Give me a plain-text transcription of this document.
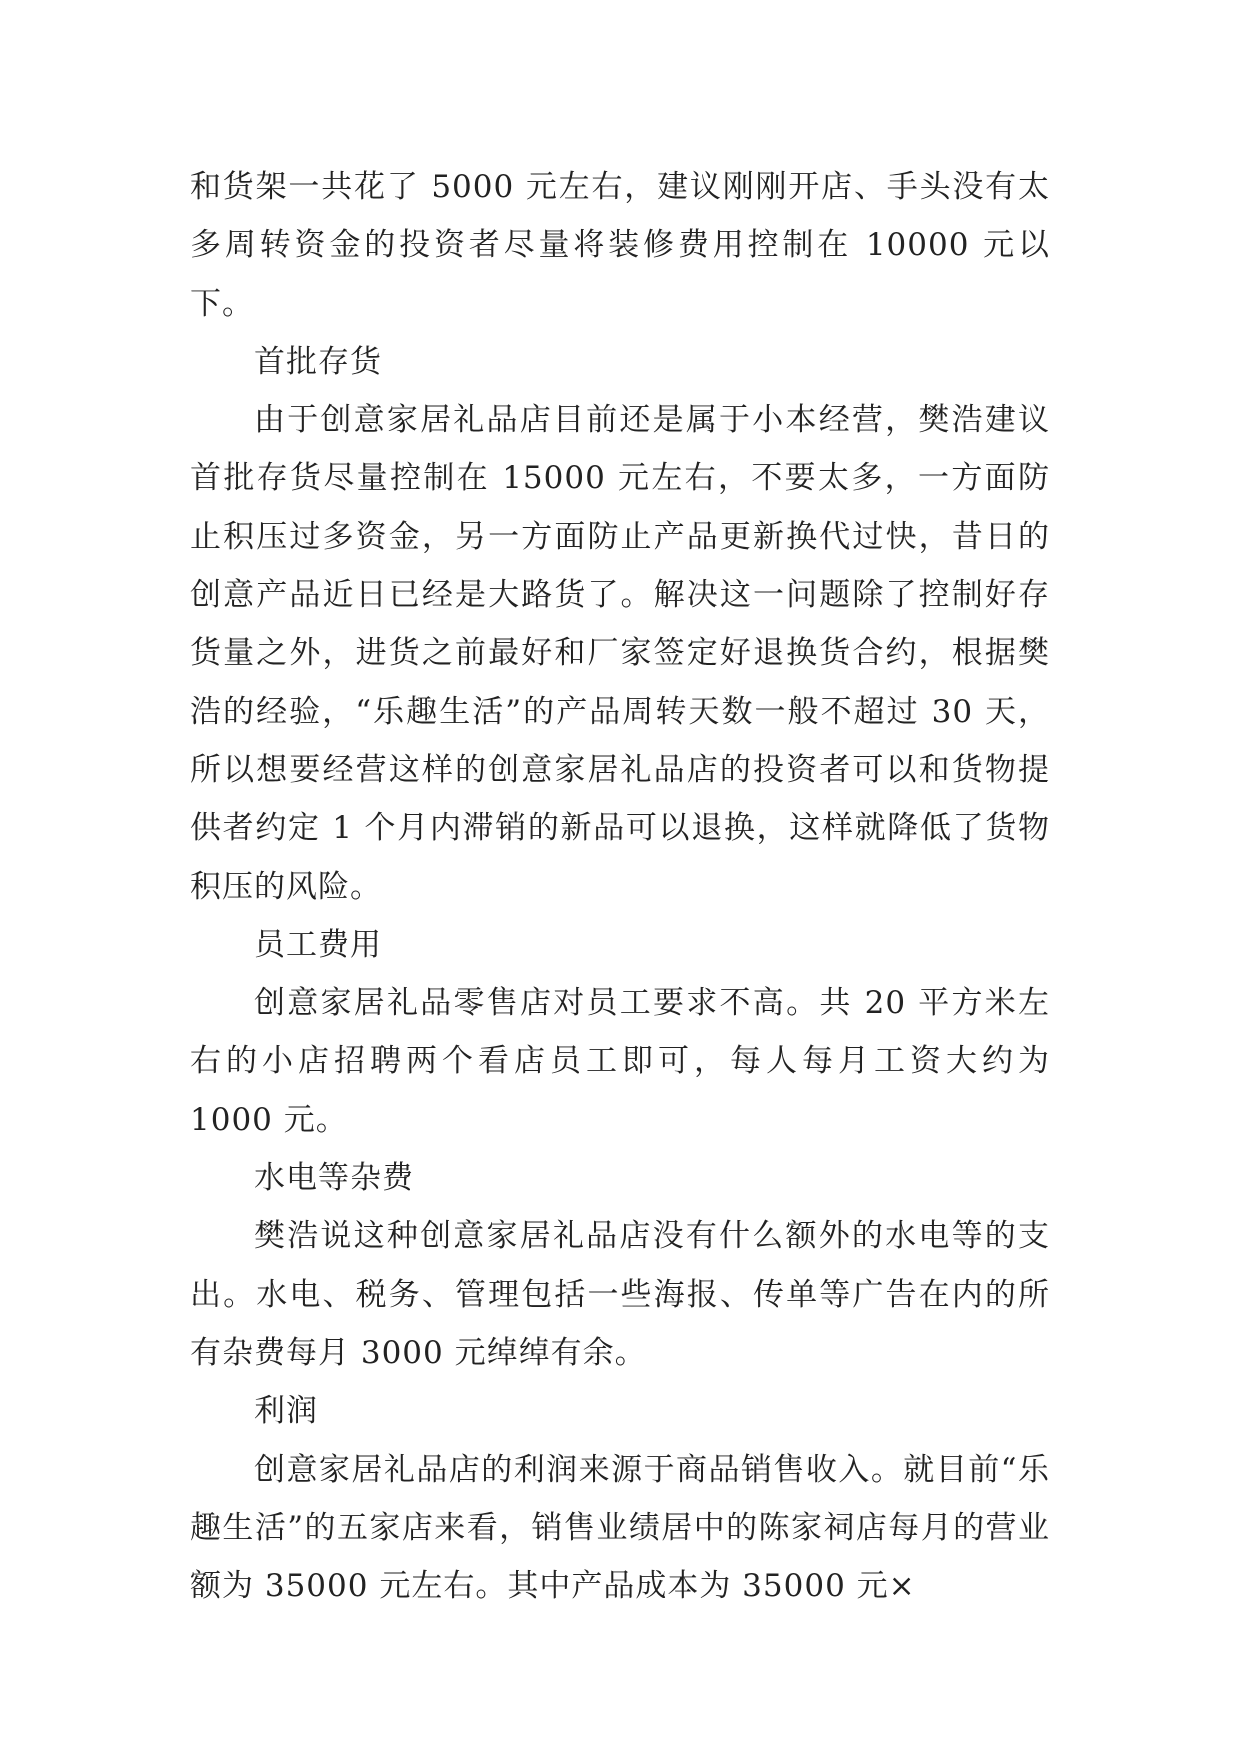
和货架一共花了 5000 元左右，建议刚刚开店、手头没有太多周转资金的投资者尽量将装修费用控制在 10000 元以下。

首批存货

由于创意家居礼品店目前还是属于小本经营，樊浩建议首批存货尽量控制在 15000 元左右，不要太多，一方面防止积压过多资金，另一方面防止产品更新换代过快，昔日的创意产品近日已经是大路货了。解决这一问题除了控制好存货量之外，进货之前最好和厂家签定好退换货合约，根据樊浩的经验，“乐趣生活”的产品周转天数一般不超过 30 天，所以想要经营这样的创意家居礼品店的投资者可以和货物提供者约定 1 个月内滞销的新品可以退换，这样就降低了货物积压的风险。

员工费用

创意家居礼品零售店对员工要求不高。共 20 平方米左右的小店招聘两个看店员工即可，每人每月工资大约为 1000 元。

水电等杂费

樊浩说这种创意家居礼品店没有什么额外的水电等的支出。水电、税务、管理包括一些海报、传单等广告在内的所有杂费每月 3000 元绰绰有余。

利润

创意家居礼品店的利润来源于商品销售收入。就目前“乐趣生活”的五家店来看，销售业绩居中的陈家祠店每月的营业额为 35000 元左右。其中产品成本为 35000 元×
